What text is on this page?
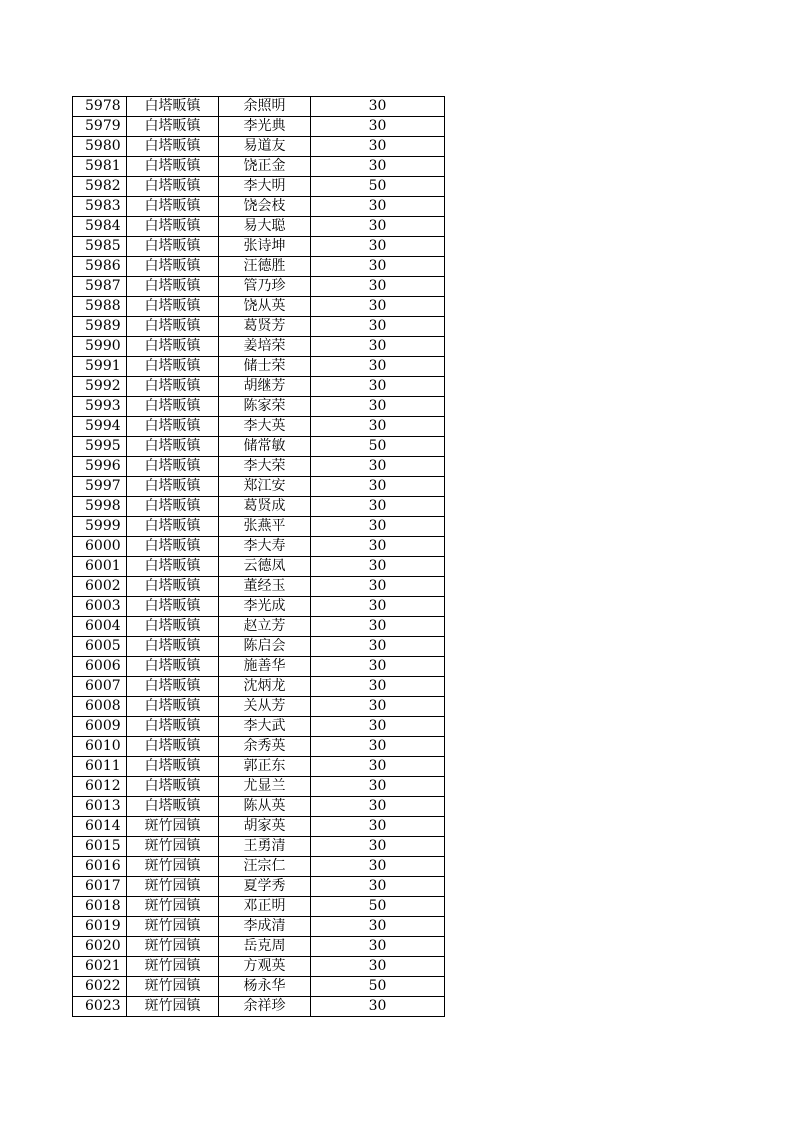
5978	白塔畈镇	余照明	30
5979	白塔畈镇	李光典	30
5980	白塔畈镇	易道友	30
5981	白塔畈镇	饶正金	30
5982	白塔畈镇	李大明	50
5983	白塔畈镇	饶会枝	30
5984	白塔畈镇	易大聪	30
5985	白塔畈镇	张诗坤	30
5986	白塔畈镇	汪德胜	30
5987	白塔畈镇	管乃珍	30
5988	白塔畈镇	饶从英	30
5989	白塔畈镇	葛贤芳	30
5990	白塔畈镇	姜培荣	30
5991	白塔畈镇	储士荣	30
5992	白塔畈镇	胡继芳	30
5993	白塔畈镇	陈家荣	30
5994	白塔畈镇	李大英	30
5995	白塔畈镇	储常敏	50
5996	白塔畈镇	李大荣	30
5997	白塔畈镇	郑江安	30
5998	白塔畈镇	葛贤成	30
5999	白塔畈镇	张燕平	30
6000	白塔畈镇	李大寿	30
6001	白塔畈镇	云德凤	30
6002	白塔畈镇	董经玉	30
6003	白塔畈镇	李光成	30
6004	白塔畈镇	赵立芳	30
6005	白塔畈镇	陈启会	30
6006	白塔畈镇	施善华	30
6007	白塔畈镇	沈炳龙	30
6008	白塔畈镇	关从芳	30
6009	白塔畈镇	李大武	30
6010	白塔畈镇	余秀英	30
6011	白塔畈镇	郭正东	30
6012	白塔畈镇	尤显兰	30
6013	白塔畈镇	陈从英	30
6014	斑竹园镇	胡家英	30
6015	斑竹园镇	王勇清	30
6016	斑竹园镇	汪宗仁	30
6017	斑竹园镇	夏学秀	30
6018	斑竹园镇	邓正明	50
6019	斑竹园镇	李成清	30
6020	斑竹园镇	岳克周	30
6021	斑竹园镇	方观英	30
6022	斑竹园镇	杨永华	50
6023	斑竹园镇	余祥珍	30
